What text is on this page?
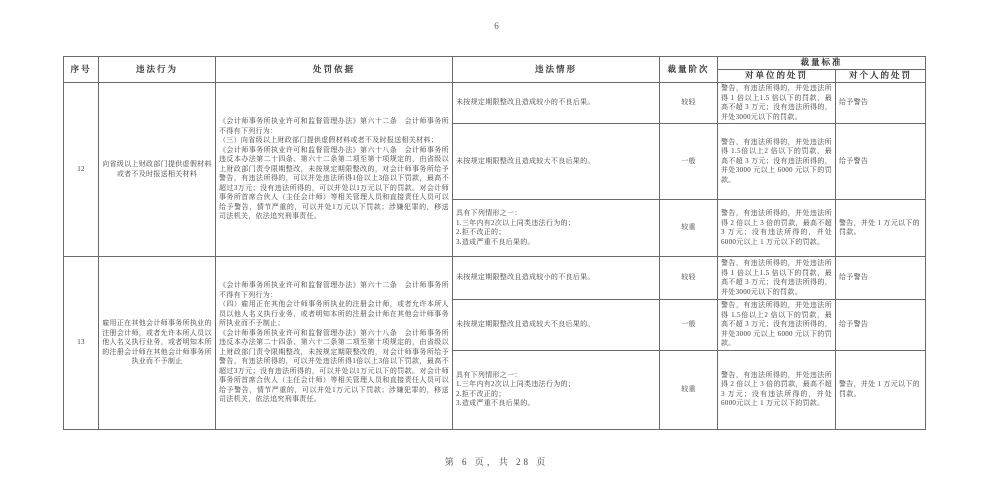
6
序号	违法行为	处罚依据	违法情形	裁量阶次	裁量标准	
					对单位的处罚	对个人的处罚
12	向省级以上财政部门提供虚假材料或者不及时报送相关材料	《会计师事务所执业许可和监督管理办法》第六十二条　会计师事务所不得有下列行为：
（三）向省级以上财政部门提供虚假材料或者不及时报送相关材料；
《会计师事务所执业许可和监督管理办法》第六十八条　会计师事务所违反本办法第二十四条、第六十二条第二项至第十项规定的，由省级以上财政部门责令限期整改，未按规定期限整改的，对会计师事务所给予警告，有违法所得的，可以并处违法所得1倍以上3倍以下罚款，最高不超过3万元；没有违法所得的，可以并处以1万元以下的罚款。对会计师事务所首席合伙人（主任会计师）等相关管理人员和直接责任人员可以给予警告，情节严重的，可以并处1万元以下罚款；涉嫌犯罪的，移送司法机关，依法追究刑事责任。	未按规定期限整改且造成较小的不良后果。	较轻	警告，有违法所得的，并处违法所得 1 倍以上1.5 倍以下的罚款，最高不超 3 万元；没有违法所得的，并处3000元以下的罚款。	给予警告
			未按规定期限整改且造成较大不良后果的。	一般	警告，有违法所得的，并处违法所得 1.5倍以上2 倍以下的罚款，最高不超 3 万元；没有违法所得的，并处3000 元以上 6000 元以下的罚款。	给予警告
			具有下列情形之一：
1.三年内有2次以上同类违法行为的；
2.拒不改正的；
3.造成严重不良后果的。	较重	警告，有违法所得的，并处违法所得 2 倍以上 3 倍的罚款，最高不超 3 万元；没有违法所得的，并处 6000元以上 1 万元以下的罚款。	警告，并处 1 万元以下的罚款。
13	雇用正在其他会计师事务所执业的注册会计师，或者允许本所人员以他人名义执行业务，或者明知本所的注册会计师在其他会计师事务所执业而不予制止	《会计师事务所执业许可和监督管理办法》第六十二条　会计师事务所不得有下列行为：
（四）雇用正在其他会计师事务所执业的注册会计师，或者允许本所人员以他人名义执行业务，或者明知本所的注册会计师在其他会计师事务所执业而不予制止；
《会计师事务所执业许可和监督管理办法》第六十八条　会计师事务所违反本办法第二十四条、第六十二条第二项至第十项规定的，由省级以上财政部门责令限期整改，未按规定期限整改的，对会计师事务所给予警告，有违法所得的，可以并处违法所得1倍以上3倍以下罚款，最高不超过3万元；没有违法所得的，可以并处以1万元以下的罚款。对会计师事务所首席合伙人（主任会计师）等相关管理人员和直接责任人员可以给予警告，情节严重的，可以并处1万元以下罚款；涉嫌犯罪的，移送司法机关，依法追究刑事责任。	未按规定期限整改且造成较小的不良后果。	较轻	警告，有违法所得的，并处违法所得 1 倍以上1.5 倍以下的罚款，最高不超 3 万元；没有违法所得的，并处3000元以下的罚款。	给予警告
			未按规定期限整改且造成较大不良后果的。	一般	警告，有违法所得的，并处违法所得 1.5倍以上2 倍以下的罚款，最高不超 3 万元；没有违法所得的，并处3000 元以上 6000 元以下的罚款。	给予警告
			具有下列情形之一：
1.三年内有2次以上同类违法行为的；
2.拒不改正的；
3.造成严重不良后果的。	较重	警告，有违法所得的，并处违法所得 2 倍以上 3 倍的罚款，最高不超 3 万元；没有违法所得的，并处 6000元以上 1 万元以下的罚款。	警告，并处 1 万元以下的罚款。
第 6 页，共 28 页
